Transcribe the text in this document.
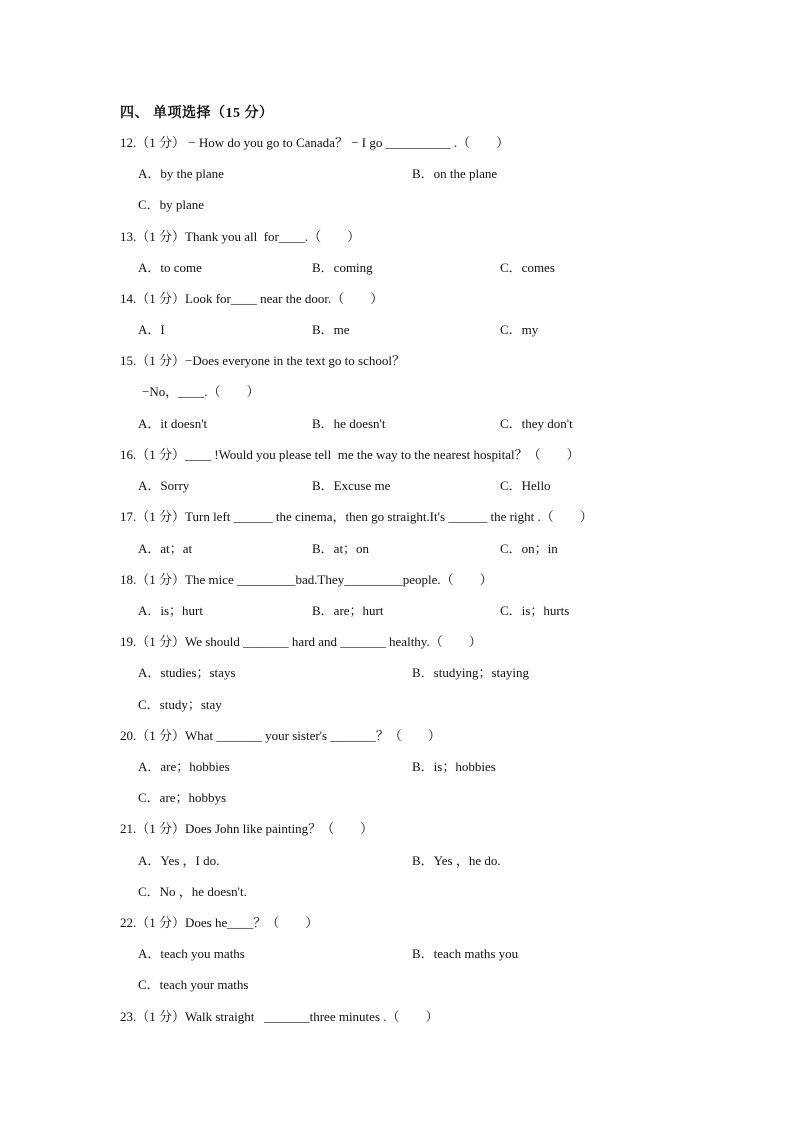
四、 单项选择（15 分）
12.（1 分） − How do you go to Canada？ − I go __________ .（　　）
A．by the plane	B．on the plane
C．by plane
13.（1 分）Thank you all  for____.（　　）
A．to come	B．coming	C．comes
14.（1 分）Look for____ near the door.（　　）
A．I	B．me	C．my
15.（1 分）−Does everyone in the text go to school？
−No，____.（　　）
A．it doesn't	B．he doesn't	C．they don't
16.（1 分）____ !Would you please tell  me the way to the nearest hospital？（　　）
A．Sorry	B．Excuse me	C．Hello
17.（1 分）Turn left ______ the cinema，then go straight.It's ______ the right .（　　）
A．at；at	B．at；on	C．on；in
18.（1 分）The mice _________bad.They_________people.（　　）
A．is；hurt	B．are；hurt	C．is；hurts
19.（1 分）We should _______ hard and _______ healthy.（　　）
A．studies；stays	B．studying；staying
C．study；stay
20.（1 分）What _______ your sister's _______？（　　）
A．are；hobbies	B．is；hobbies
C．are；hobbys
21.（1 分）Does John like painting？（　　）
A．Yes ，I do.	B．Yes ，he do.
C．No ，he doesn't.
22.（1 分）Does he____？（　　）
A．teach you maths	B．teach maths you
C．teach your maths
23.（1 分）Walk straight   _______three minutes .（　　）
